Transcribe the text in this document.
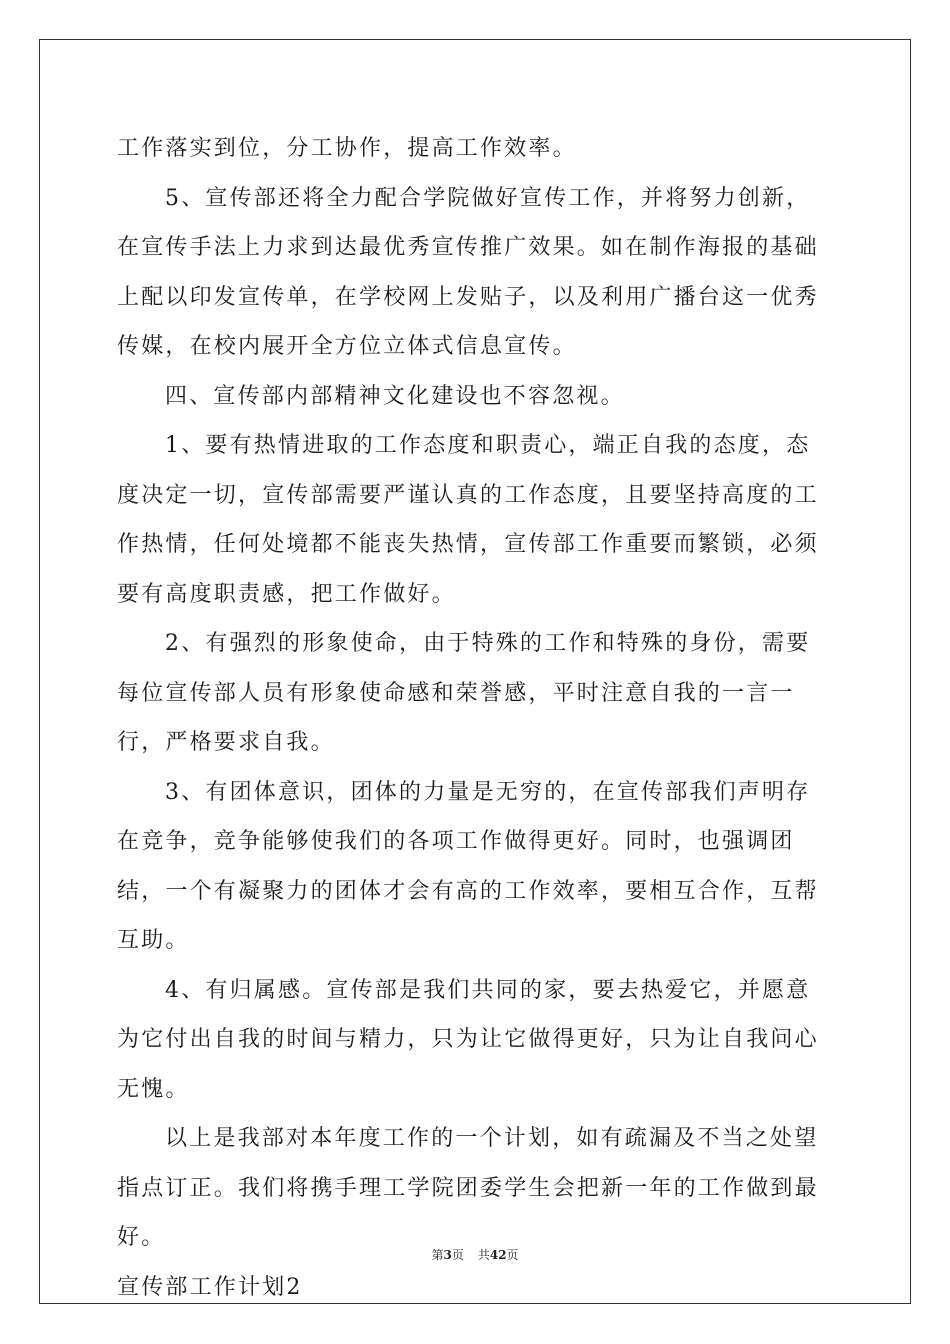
工作落实到位，分工协作，提高工作效率。

5、宣传部还将全力配合学院做好宣传工作，并将努力创新，在宣传手法上力求到达最优秀宣传推广效果。如在制作海报的基础上配以印发宣传单，在学校网上发贴子，以及利用广播台这一优秀传媒，在校内展开全方位立体式信息宣传。

四、宣传部内部精神文化建设也不容忽视。

1、要有热情进取的工作态度和职责心，端正自我的态度，态度决定一切，宣传部需要严谨认真的工作态度，且要坚持高度的工作热情，任何处境都不能丧失热情，宣传部工作重要而繁锁，必须要有高度职责感，把工作做好。

2、有强烈的形象使命，由于特殊的工作和特殊的身份，需要每位宣传部人员有形象使命感和荣誉感，平时注意自我的一言一行，严格要求自我。

3、有团体意识，团体的力量是无穷的，在宣传部我们声明存在竞争，竞争能够使我们的各项工作做得更好。同时，也强调团结，一个有凝聚力的团体才会有高的工作效率，要相互合作，互帮互助。

4、有归属感。宣传部是我们共同的家，要去热爱它，并愿意为它付出自我的时间与精力，只为让它做得更好，只为让自我问心无愧。

以上是我部对本年度工作的一个计划，如有疏漏及不当之处望指点订正。我们将携手理工学院团委学生会把新一年的工作做到最好。

宣传部工作计划2
第3页 共42页
